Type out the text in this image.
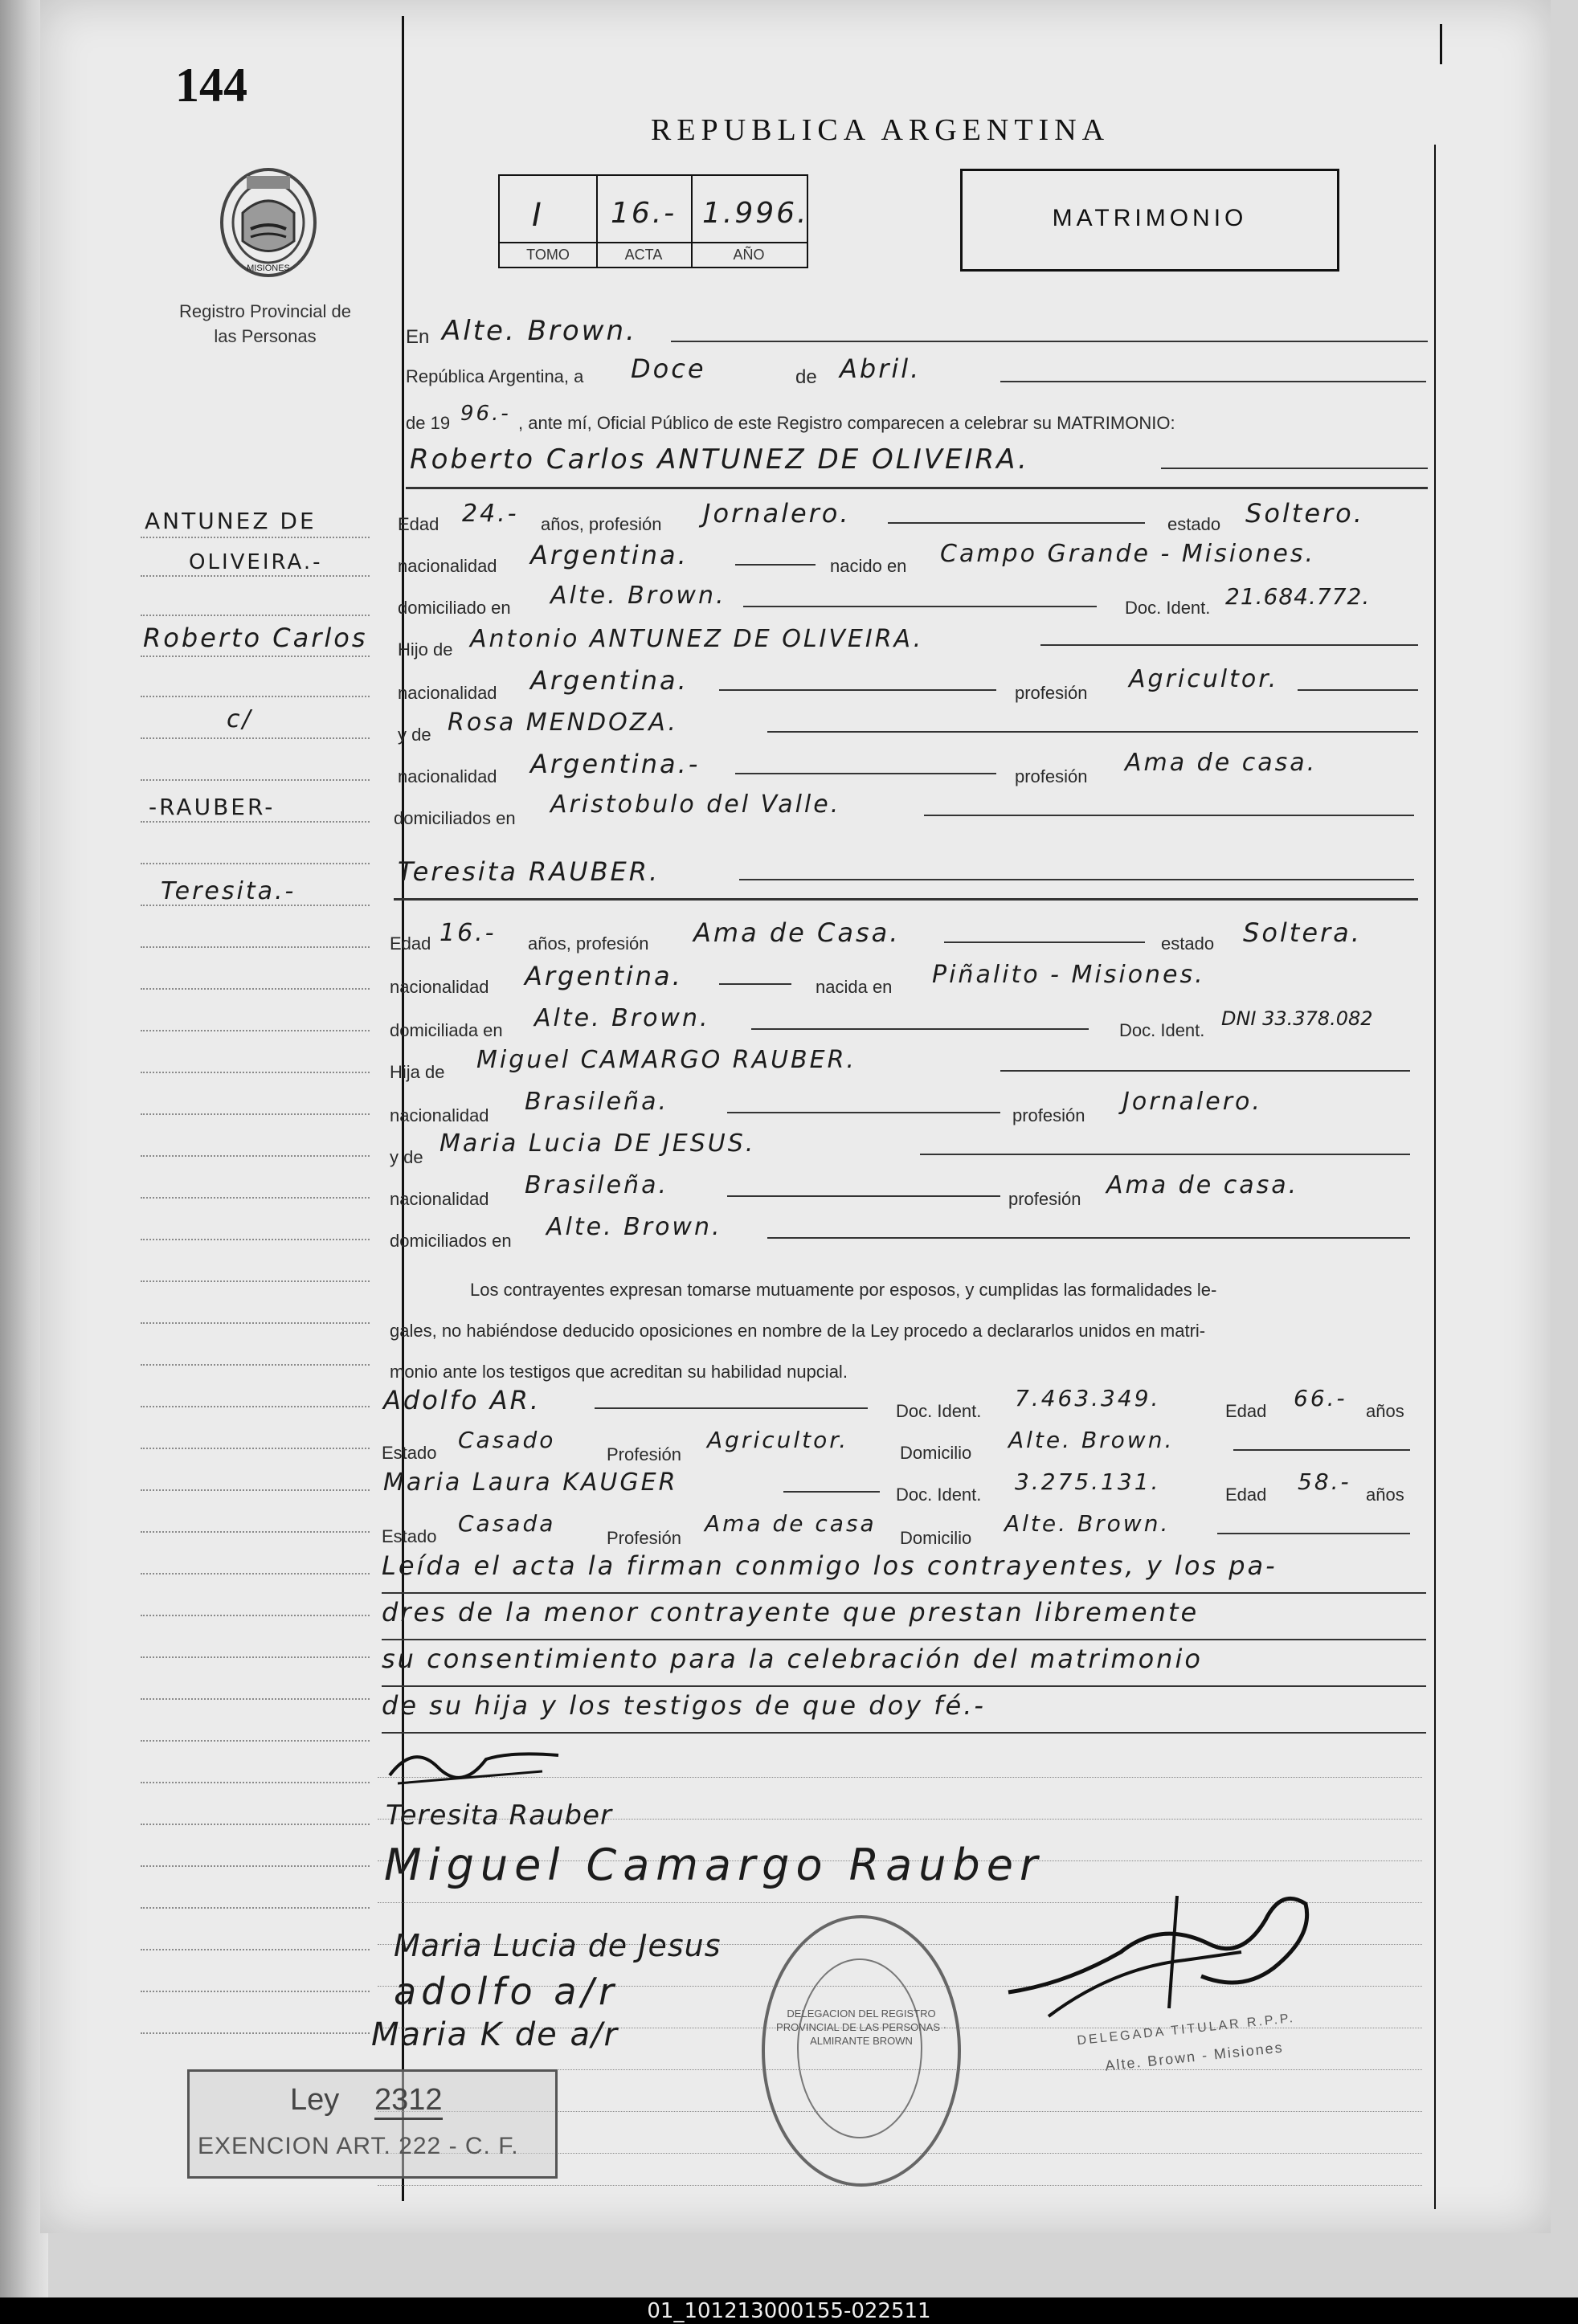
144
MISIONES
Registro Provincial de las Personas
REPUBLICA ARGENTINA
I 16.- 1.996.
TOMO	ACTA	AÑO
MATRIMONIO
ANTUNEZ DE
OLIVEIRA.-
Roberto Carlos
c/
-RAUBER-
Teresita.-
En Alte. Brown.
República Argentina, a Doce	de Abril.
de 19 96.- , ante mí, Oficial Público de este Registro comparecen a celebrar su MATRIMONIO:
Roberto Carlos ANTUNEZ DE OLIVEIRA.
Edad 24.- años, profesión Jornalero.	estado Soltero.
nacionalidad Argentina.	nacido en Campo Grande - Misiones.
domiciliado en Alte. Brown.	Doc. Ident. 21.684.772.
Hijo de Antonio ANTUNEZ DE OLIVEIRA.
nacionalidad Argentina.	profesión Agricultor.
y de Rosa MENDOZA.
nacionalidad Argentina.-	profesión Ama de casa.
domiciliados en Aristobulo del Valle.
Teresita RAUBER.
Edad 16.- años, profesión Ama de Casa.	estado Soltera.
nacionalidad Argentina.	nacida en Piñalito - Misiones.
domiciliada en Alte. Brown.	Doc. Ident.
DNI 33.378.082
Hija de Miguel CAMARGO RAUBER.
nacionalidad Brasileña.	profesión Jornalero.
y de Maria Lucia DE JESUS.
nacionalidad Brasileña.	profesión Ama de casa.
domiciliados en Alte. Brown.
Los contrayentes expresan tomarse mutuamente por esposos, y cumplidas las formalidades le-
gales, no habiéndose deducido oposiciones en nombre de la Ley procedo a declararlos unidos en matri-
monio ante los testigos que acreditan su habilidad nupcial.
Adolfo AR.	Doc. Ident. 7.463.349.	Edad 66.- años
Estado Casado
Profesión
Agricultor.	Domicilio Alte. Brown.
Maria Laura KAUGER	Doc. Ident. 3.275.131.	Edad 58.- años
Estado Casada
Profesión
Ama de casa
Domicilio
Alte. Brown.
Leída el acta la firman conmigo los contrayentes, y los pa-
dres de la menor contrayente que prestan libremente
su consentimiento para la celebración del matrimonio
de su hija y los testigos de que doy fé.-
Teresita Rauber
Miguel Camargo Rauber
Maria Lucia de Jesus
adolfo a/r
Maria K de a/r
DELEGACION DEL REGISTRO PROVINCIAL DE LAS PERSONAS · ALMIRANTE BROWN	DELEGADA TITULAR R.P.P.
Alte. Brown - Misiones
Ley 2312
EXENCION ART. 222 - C. F.
01_101213000155-022511
